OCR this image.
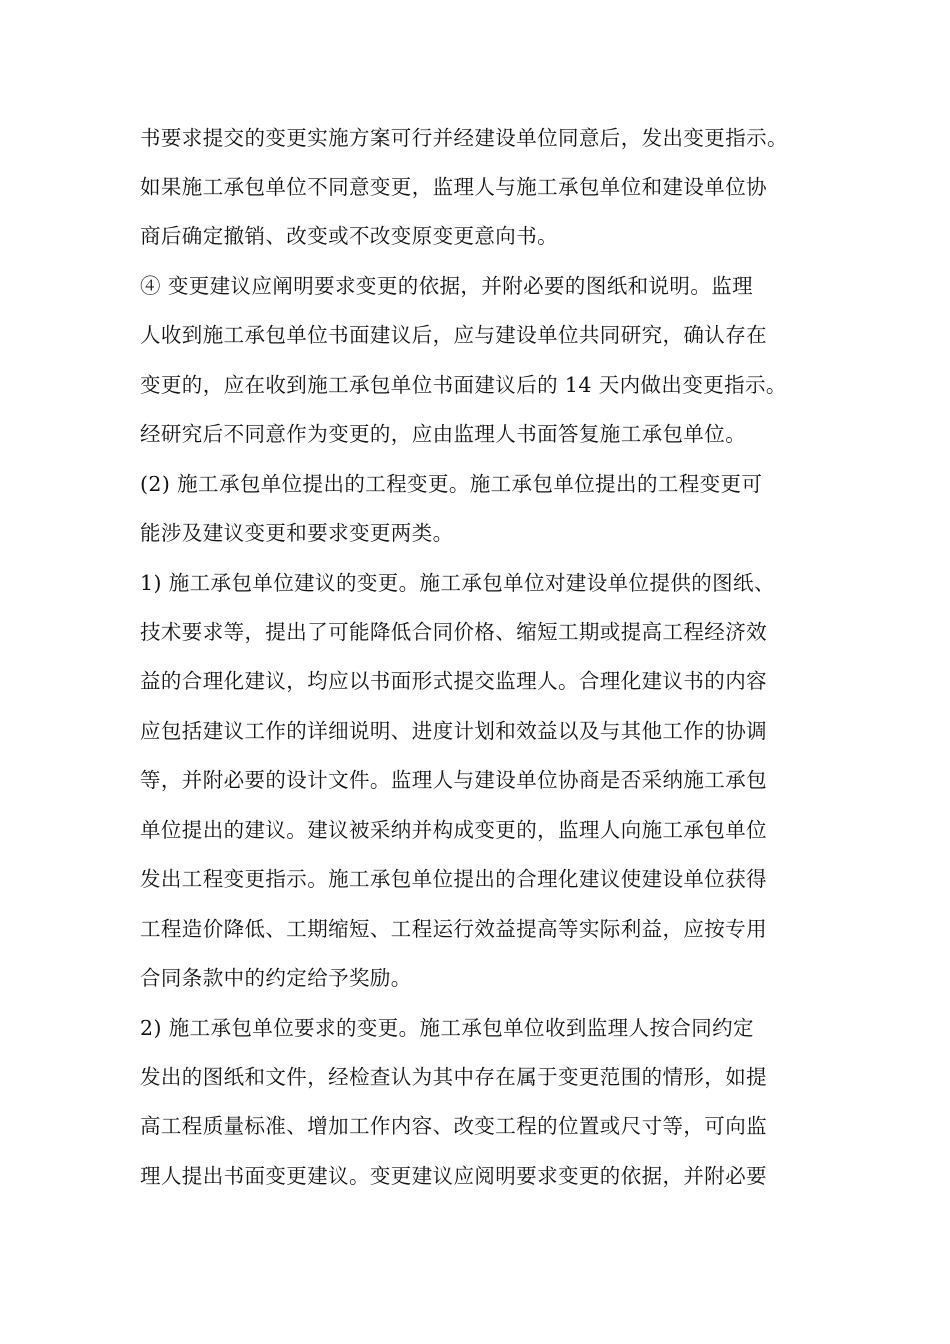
书要求提交的变更实施方案可行并经建设单位同意后，发出变更指示。

如果施工承包单位不同意变更，监理人与施工承包单位和建设单位协

商后确定撤销、改变或不改变原变更意向书。

④ 变更建议应阐明要求变更的依据，并附必要的图纸和说明。监理

人收到施工承包单位书面建议后，应与建设单位共同研究，确认存在

变更的，应在收到施工承包单位书面建议后的 14 天内做出变更指示。

经研究后不同意作为变更的，应由监理人书面答复施工承包单位。

(2) 施工承包单位提出的工程变更。施工承包单位提出的工程变更可

能涉及建议变更和要求变更两类。

1) 施工承包单位建议的变更。施工承包单位对建设单位提供的图纸、

技术要求等，提出了可能降低合同价格、缩短工期或提高工程经济效

益的合理化建议，均应以书面形式提交监理人。合理化建议书的内容

应包括建议工作的详细说明、进度计划和效益以及与其他工作的协调

等，并附必要的设计文件。监理人与建设单位协商是否采纳施工承包

单位提出的建议。建议被采纳并构成变更的，监理人向施工承包单位

发出工程变更指示。施工承包单位提出的合理化建议使建设单位获得

工程造价降低、工期缩短、工程运行效益提高等实际利益，应按专用

合同条款中的约定给予奖励。

2) 施工承包单位要求的变更。施工承包单位收到监理人按合同约定

发出的图纸和文件，经检查认为其中存在属于变更范围的情形，如提

高工程质量标准、增加工作内容、改变工程的位置或尺寸等，可向监

理人提出书面变更建议。变更建议应阅明要求变更的依据，并附必要
